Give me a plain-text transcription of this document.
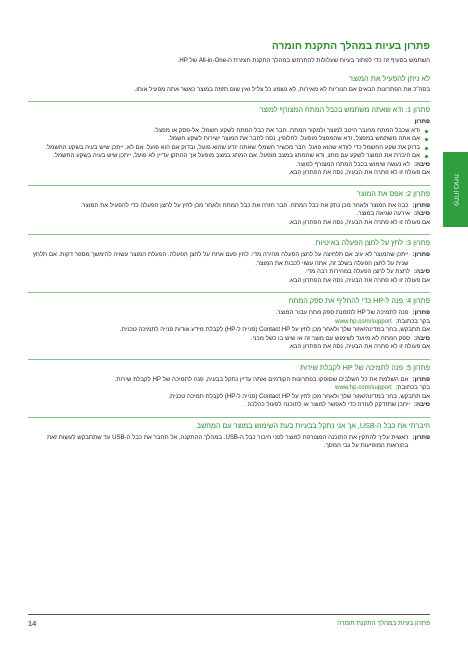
פתרון בעיות במהלך התקנת חומרה
השתמש בסעיף זה כדי לפתור בעיות שעלולות להתרחש במהלך התקנת חומרת ה-All-in-One של HP.
לא ניתן להפעיל את המוצר
בסה"כ את הפתרונות הבאים אם הנוריות לא מאירות, לא נשמע כל צליל ואין שום תזוזה במוצר כאשר אתה מפעיל אותו.
פתרון 1: ודא שאתה משתמש בכבל המתח המצורף למוצר
פתרון
ודא שכבל המתח מחובר היטב למוצר ולמקור המתח. חבר את כבל המתח לשקע חשמל, אל-פסק או מפצל.
אם אתה משתמש במפצל, ודא שהמפצל מופעל. לחלופין, נסה לחבר את המוצר ישירות לשקע חשמל.
בדוק את שקע החשמל כדי לוודא שהוא פועל. חבר מכשיר חשמלי שאתה יודע שהוא פועל, ובדוק אם הוא פועל. אם לא, ייתכן שיש בעיה בשקע החשמל.
אם חיברת את המוצר לשקע עם מתג, ודא שהמתג במצב מופעל. אם המתג במצב מופעל אך ההתקן עדיין לא פועל, ייתכן שיש בעיה בשקע החשמל.
סיבה:
לא נעשה שימוש בכבל המתח המצורף למוצר.
אם פעולה זו לא פתרה את הבעיה, נסה את הפתרון הבא.
פתרון 2: אפס את המוצר
פתרון:
כבה את המוצר ולאחר מכן נתק את כבל המתח. חבר חזרה את כבל המתח ולאחר מכן לחץ על לחצן הפעלה כדי להפעיל את המוצר.
סיבה:
אירעה שגיאה במוצר.
אם פעולה זו לא פתרה את הבעיה, נסה את הפתרון הבא.
פתרון 3: לחץ על לחצן הפעלה באיטיות
פתרון:
ייתכן שהמוצר לא יגיב אם תלחיצה על לחצן הפעלה מהירה מדי. לחץ פעם אחת על לחצן הפעלה. הפעלת המוצר עשויה להימשך מספר דקות. אם תלחץ שנית על לחצן הפעלה בשלב זה, אתה עשוי לכבות את המוצר.
סיבה:
לחצת על לחצן הפעלה במהירות רבה מדי.
אם פעולה זו לא פתרה את הבעיה, נסה את הפתרון הבא.
פתרון 4: פנה ל-HP כדי להחליף את ספק המתח
פתרון:
פנה לתמיכה של HP להזמנת ספק מתח עבור המוצר.
בקר בכתובת:
www.hp.com/support
אם תתבקש, בחר במדינה/אזור שלך ולאחר מכן לחץ על Contact HP (פנייה ל-HP) לקבלת מידע אודות פנייה לתמיכה טכנית.
סיבה:
ספק המתח לא מיועד לשימוש עם מוצר זה או שיש בו כשל מכני.
אם פעולה זו לא פתרה את הבעיה, נסה את הפתרון הבא.
פתרון 5: פנה לתמיכה של HP לקבלת שירות
פתרון:
אם השלמת את כל השלבים שסופקו בפתרונות הקודמים ואתה עדיין נתקל בבעיה, פנה לתמיכה של HP לקבלת שירות.
בקר בכתובת:
www.hp.com/support
אם תתבקש, בחר במדינה/אזור שלך ולאחר מכן לחץ על Contact HP (פנייה ל-HP) לקבלת תמיכה טכנית.
סיבה:
ייתכן שתזדקק לעזרה כדי לאפשר למוצר או לתוכנה לפעול כהלכה.
חיברתי את כבל ה-USB, אך אני נתקל בבעיות בעת השימוש במוצר עם המחשב
פתרון:
ראשית עליך להתקין את התוכנה המצורפת למוצר לפני חיבור כבל ה-USB. במהלך ההתקנה, אל תחבר את כבל ה-USB עד שתתבקש לעשות זאת בהוראות המופיעות על גבי המסך.
פתרון בעיות
14	פתרון בעיות במהלך התקנת חומרה
